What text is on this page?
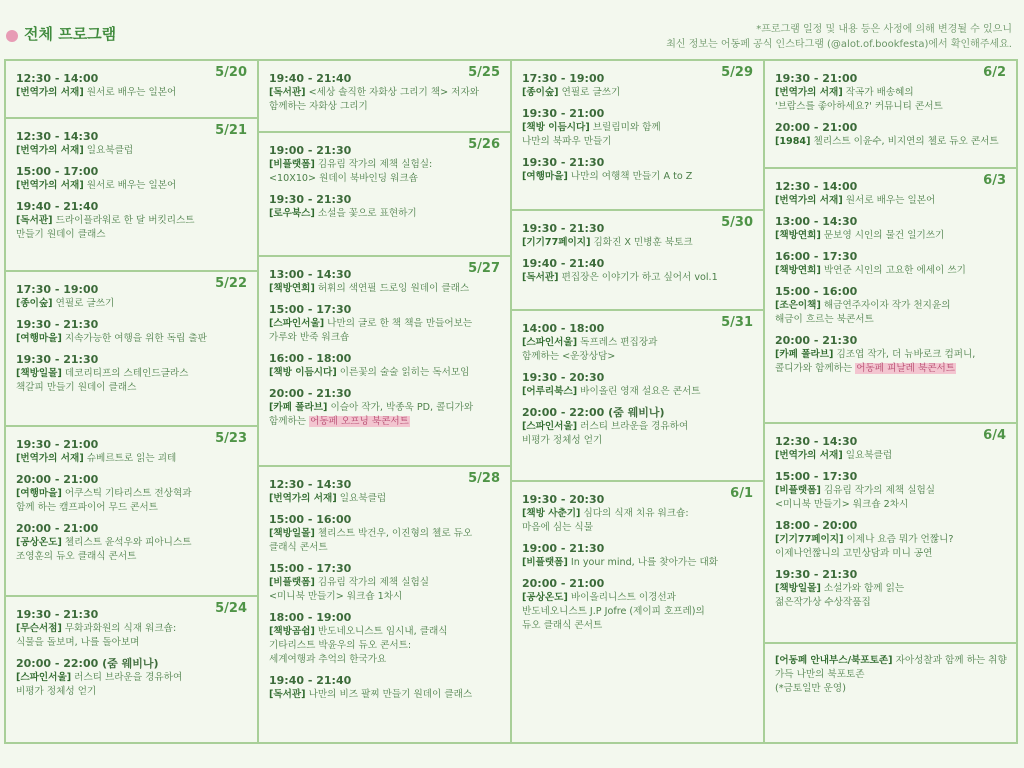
전체 프로그램	*프로그램 일정 및 내용 등은 사정에 의해 변경될 수 있으니
최신 정보는 어동페 공식 인스타그램 (@alot.of.bookfesta)에서 확인해주세요.
5/20
12:30 - 14:00
[번역가의 서재] 원서로 배우는 일본어
5/21
12:30 - 14:30
[번역가의 서재] 일요북클럽
15:00 - 17:00
[번역가의 서재] 원서로 배우는 일본어
19:40 - 21:40
[독서관] 드라이플라워로 한 달 버킷리스트
만들기 원데이 클래스
5/22
17:30 - 19:00
[종이숲] 연필로 글쓰기
19:30 - 21:30
[여행마을] 지속가능한 여행을 위한 독립 출판
19:30 - 21:30
[책방일몰] 데코리티프의 스테인드글라스
책갈피 만들기 원데이 클래스
5/23
19:30 - 21:00
[번역가의 서재] 슈베르트로 읽는 괴테
20:00 - 21:00
[여행마을] 어쿠스틱 기타리스트 전상혁과
함께 하는 캠프파이어 무드 콘서트
20:00 - 21:00
[공상온도] 첼리스트 윤석우와 피아니스트
조영훈의 듀오 클래식 콘서트
5/24
19:30 - 21:30
[무슨서점] 무화과화원의 식재 워크숍:
식물을 돌보며, 나를 돌아보며
20:00 - 22:00 (줌 웨비나)
[스파인서울] 러스티 브라운을 경유하여
비평가 정체성 얻기
5/25
19:40 - 21:40
[독서관] <세상 솔직한 자화상 그리기 책> 저자와
함께하는 자화상 그리기
5/26
19:00 - 21:30
[비플랫폼] 김유림 작가의 제책 실험실:
<10X10> 원데이 북바인딩 워크숍
19:30 - 21:30
[로우북스] 소설을 꽃으로 표현하기
5/27
13:00 - 14:30
[책방연희] 허휘의 색연필 드로잉 원데이 클래스
15:00 - 17:30
[스파인서울] 나만의 글로 한 책 책을 만들어보는
가루와 반죽 워크숍
16:00 - 18:00
[책방 이듬시다] 이른꽃의 술술 읽히는 독서모임
20:00 - 21:30
[카페 폴라브] 이슬아 작가, 박종욱 PD, 콜디가와
함께하는 어동페 오프닝 북콘서트
5/28
12:30 - 14:30
[번역가의 서재] 일요북클럽
15:00 - 16:00
[책방일몰] 첼리스트 박건우, 이진형의 첼로 듀오
클래식 콘서트
15:00 - 17:30
[비플랫폼] 김유림 작가의 제책 실험실
<미니북 만들기> 워크숍 1차시
18:00 - 19:00
[책방곰쉼] 반도네오니스트 임시내, 클래식
기타리스트 박윤우의 듀오 콘서트:
세계여행과 추억의 한국가요
19:40 - 21:40
[독서관] 나만의 비즈 팔찌 만들기 원데이 클래스
5/29
17:30 - 19:00
[종이숲] 연필로 글쓰기
19:30 - 21:00
[책방 이듬시다] 브릴림미와 함께
나만의 북파우 만들기
19:30 - 21:30
[여행마을] 나만의 여행책 만들기 A to Z
5/30
19:30 - 21:30
[기기77페이지] 김화진 X 민병훈 북토크
19:40 - 21:40
[독서관] 편집장은 이야기가 하고 싶어서 vol.1
5/31
14:00 - 18:00
[스파인서울] 독프레스 편집장과
함께하는 <운장상담>
19:30 - 20:30
[어루리북스] 바이올린 영재 설요은 콘서트
20:00 - 22:00 (줌 웨비나)
[스파인서울] 러스티 브라운을 경유하여
비평가 정체성 얻기
6/1
19:30 - 20:30
[책방 사춘기] 심다의 식재 치유 워크숍:
마음에 심는 식물
19:00 - 21:30
[비플랫폼] In your mind, 나를 찾아가는 대화
20:00 - 21:00
[공상온도] 바이올리니스트 이경선과
반도네오니스트 J.P Jofre (제이피 호프레)의
듀오 클래식 콘서트
6/2
19:30 - 21:00
[번역가의 서재] 작곡가 배송혜의
'브람스를 좋아하세요?' 커뮤니티 콘서트
20:00 - 21:00
[1984] 첼리스트 이윤수, 비지연의 첼로 듀오 콘서트
6/3
12:30 - 14:00
[번역가의 서재] 원서로 배우는 일본어
13:00 - 14:30
[책방연희] 문보영 시인의 물건 일기쓰기
16:00 - 17:30
[책방연희] 박연준 시인의 고요한 에세이 쓰기
15:00 - 16:00
[조은이책] 해금연주자이자 작가 천지윤의
해금이 흐르는 북콘서트
20:00 - 21:30
[카페 폴라브] 김조엽 작가, 더 뉴바로크 컴퍼니,
콜디가와 함께하는 어동페 피날레 북콘서트
6/4
12:30 - 14:30
[번역가의 서재] 일요북클럽
15:00 - 17:30
[비플랫폼] 김유림 작가의 제책 실험실
<미니북 만들기> 워크숍 2차시
18:00 - 20:00
[기기77페이지] 이제나 요즘 뭐가 언짢니?
이제나언짢니의 고민상담과 미니 공연
19:30 - 21:30
[책방일몰] 소설가와 함께 읽는
젊은작가상 수상작품집
[어동페 안내부스/북포토존] 자아성찰과 함께 하는 취향 가득 나만의 북포토존
(*금토일만 운영)
